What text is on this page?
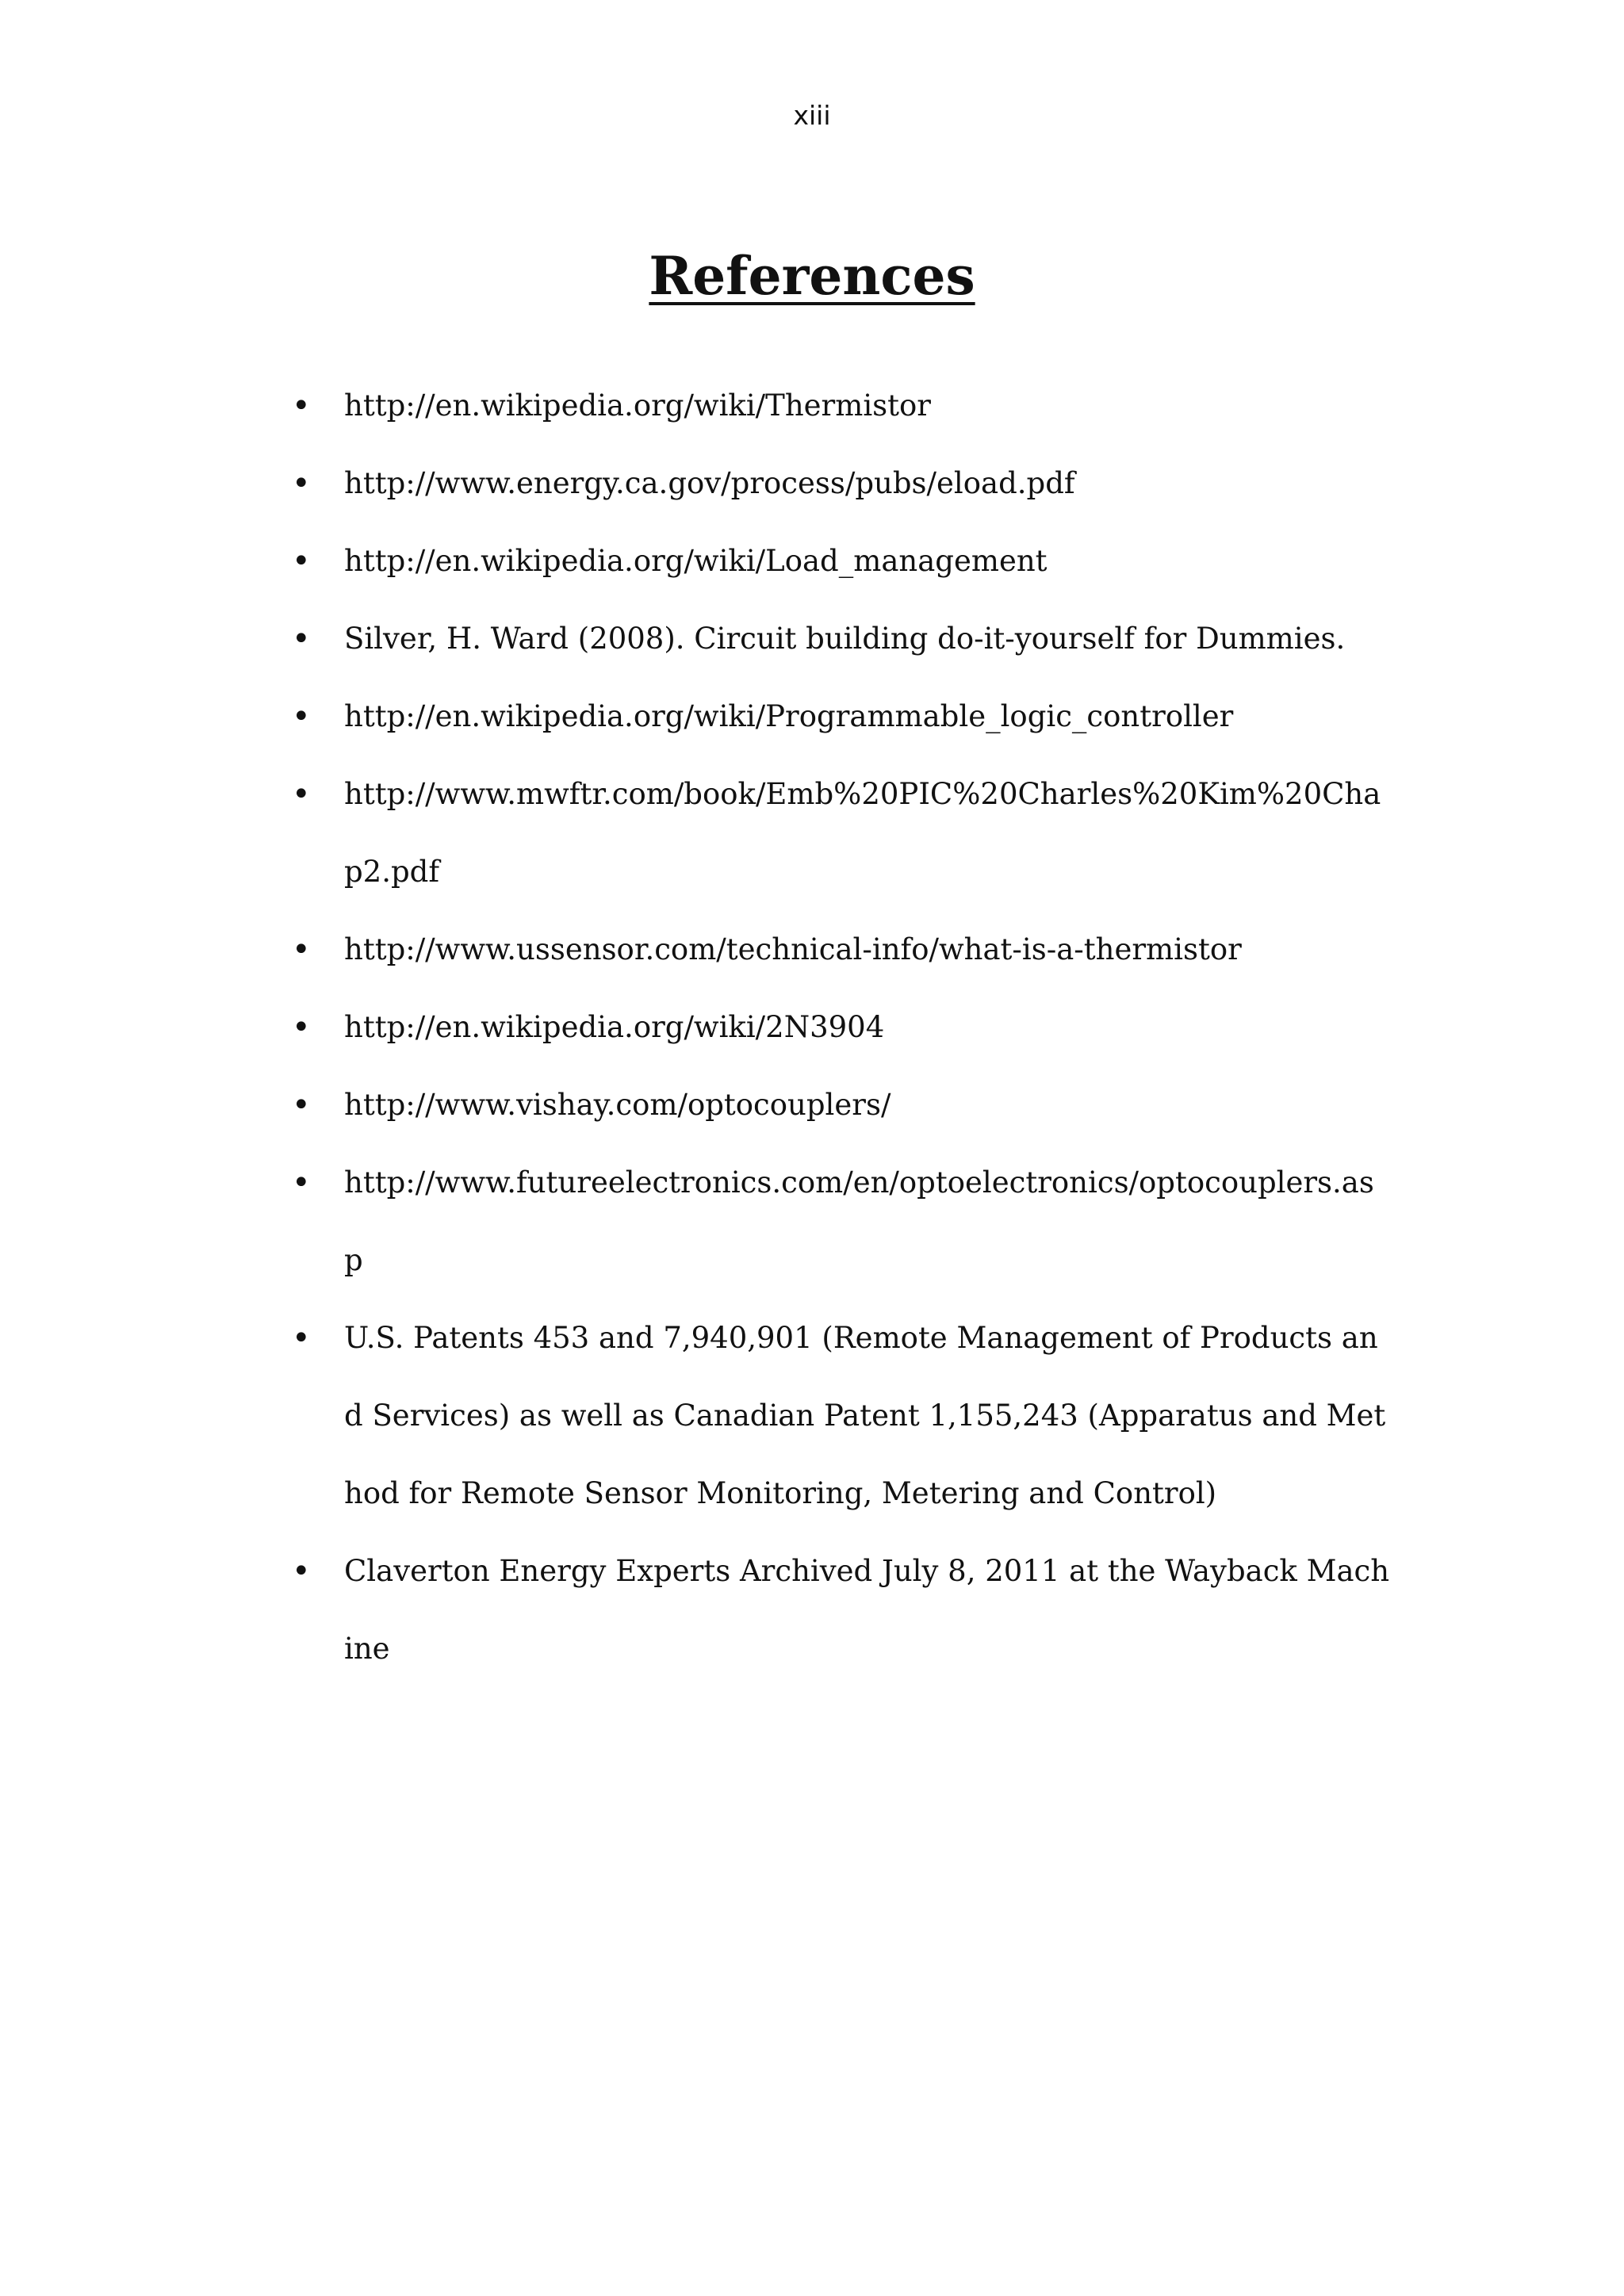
xiii
References
•	http://en.wikipedia.org/wiki/Thermistor
•	http://www.energy.ca.gov/process/pubs/eload.pdf
•	http://en.wikipedia.org/wiki/Load_management
•	Silver, H. Ward (2008). Circuit building do-it-yourself for Dummies.
•	http://en.wikipedia.org/wiki/Programmable_logic_controller
•	http://www.mwftr.com/book/Emb%20PIC%20Charles%20Kim%20Chap2.pdf
•	http://www.ussensor.com/technical-info/what-is-a-thermistor
•	http://en.wikipedia.org/wiki/2N3904
•	http://www.vishay.com/optocouplers/
•	http://www.futureelectronics.com/en/optoelectronics/optocouplers.asp
•	U.S. Patents 453 and 7,940,901 (Remote Management of Products and Services) as well as Canadian Patent 1,155,243 (Apparatus and Method for Remote Sensor Monitoring, Metering and Control)
•	Claverton Energy Experts Archived July 8, 2011 at the Wayback Machine
